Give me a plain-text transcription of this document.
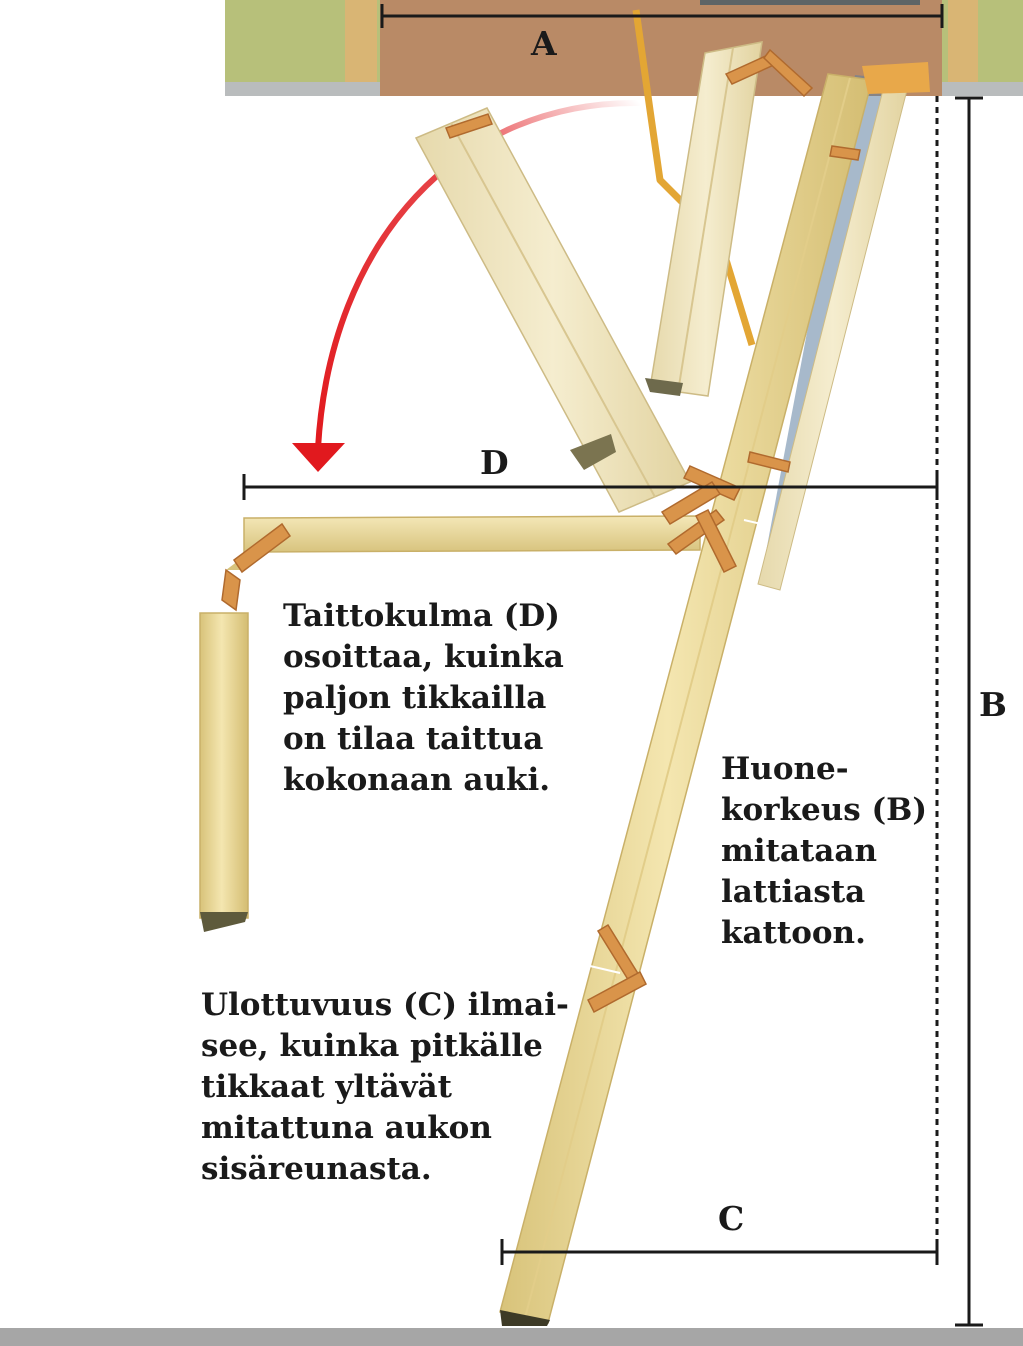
A
B
C
D
Taittokulma (D)
osoittaa, kuinka
paljon tikkailla
on tilaa taittua
kokonaan auki.	Huone-
korkeus (B)
mitataan
lattiasta
kattoon.
Ulottuvuus (C) ilmai-
see, kuinka pitkälle
tikkaat yltävät
mitattuna aukon
sisäreunasta.
